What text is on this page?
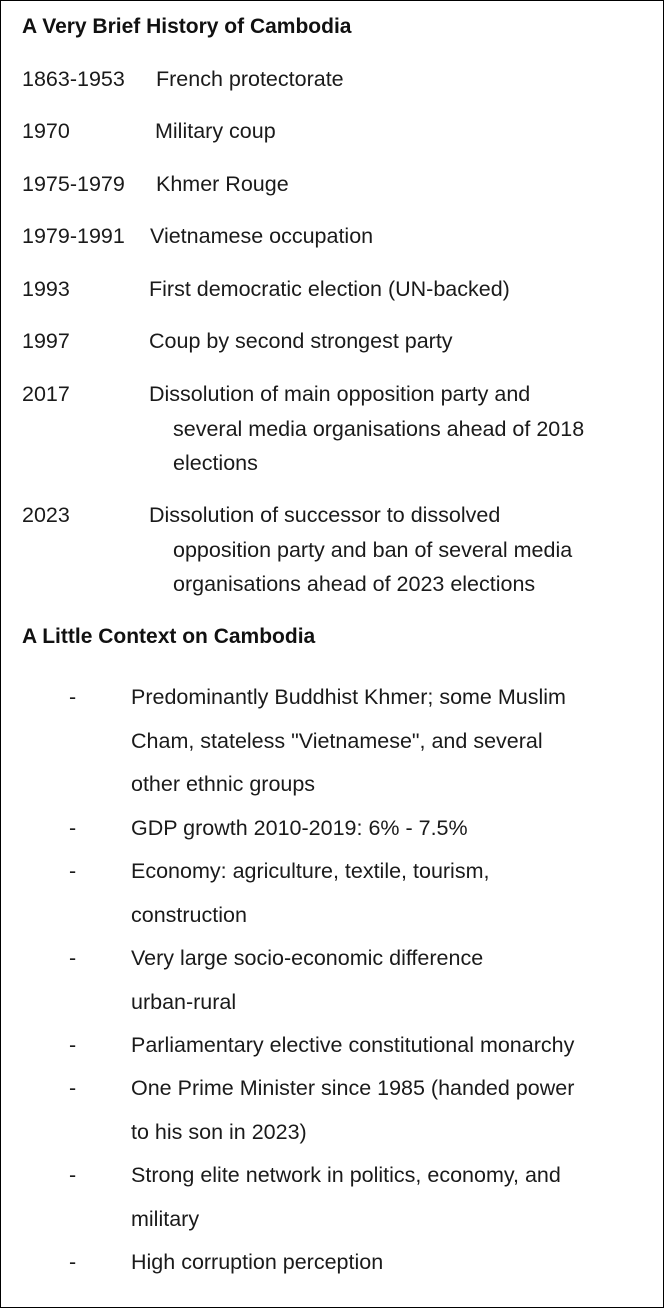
A Very Brief History of Cambodia
1863-1953 French protectorate
1970	Military coup
1975-1979 Khmer Rouge
1979-1991 Vietnamese occupation
1993	First democratic election (UN-backed)
1997	Coup by second strongest party
2017	Dissolution of main opposition party and
several media organisations ahead of 2018
elections
2023	Dissolution of successor to dissolved
opposition party and ban of several media
organisations ahead of 2023 elections
A Little Context on Cambodia
-	Predominantly Buddhist Khmer; some Muslim
Cham, stateless "Vietnamese", and several
other ethnic groups
-	GDP growth 2010-2019: 6% - 7.5%
-	Economy: agriculture, textile, tourism,
construction
-	Very large socio-economic difference
urban-rural
-	Parliamentary elective constitutional monarchy
-	One Prime Minister since 1985 (handed power
to his son in 2023)
-	Strong elite network in politics, economy, and
military
-	High corruption perception
